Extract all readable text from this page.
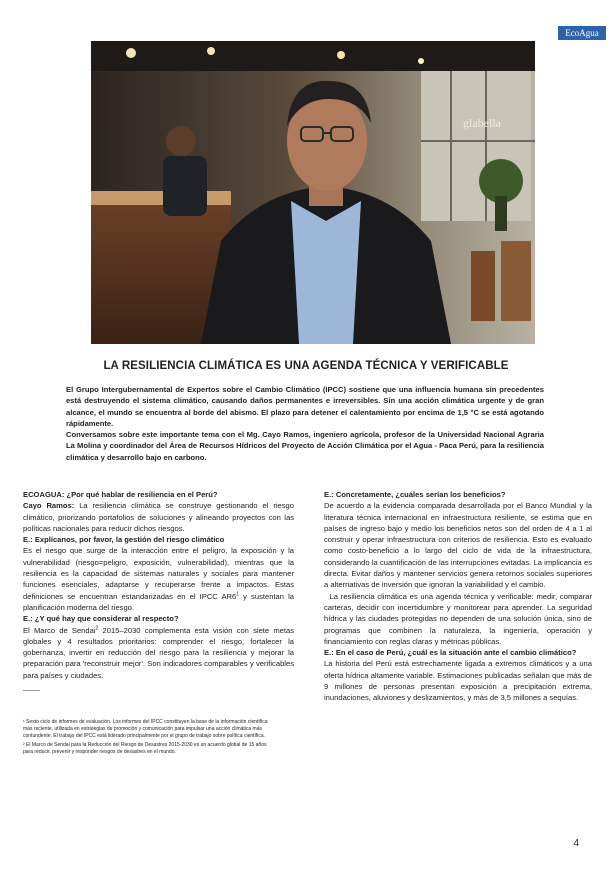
EcoAgua
glabella
LA RESILIENCIA CLIMÁTICA ES UNA AGENDA TÉCNICA Y VERIFICABLE

El Grupo Intergubernamental de Expertos sobre el Cambio Climático (IPCC) sostiene que una influencia humana sin precedentes está destruyendo el sistema climático, causando daños permanentes e irreversibles. Sin una acción climática urgente y de gran alcance, el mundo se encuentra al borde del abismo. El plazo para detener el calentamiento por encima de 1,5 °C se está agotando rápidamente.

Conversamos sobre este importante tema con el Mg. Cayo Ramos, ingeniero agrícola, profesor de la Universidad Nacional Agraria La Molina y coordinador del Área de Recursos Hídricos del Proyecto de Acción Climática por el Agua - Paca Perú, para la resiliencia climática y desarrollo bajo en carbono.

ECOAGUA: ¿Por qué hablar de resiliencia en el Perú?

Cayo Ramos: La resiliencia climática se construye gestionando el riesgo climático, priorizando portafolios de soluciones y alineando proyectos con las políticas nacionales para reducir dichos riesgos.

E.: Explícanos, por favor, la gestión del riesgo climático

Es el riesgo que surge de la interacción entre el peligro, la exposición y la vulnerabilidad (riesgo=peligro, exposición, vulnerabilidad), mientras que la resiliencia es la capacidad de sistemas naturales y sociales para mantener funciones esenciales, adaptarse y recuperarse frente a impactos. Estas definiciones se encuentran estandarizadas en el IPCC $AR6^1$ y sustentan la planificación moderna del riesgo.

E.: ¿Y qué hay que considerar al respecto?

El Marco de Sendai$^2$ 2015–2030 complementa esta visión con siete metas globales y 4 resultados prioritarios: comprender el riesgo, fortalecer la gobernanza, invertir en reducción del riesgo para la resiliencia y mejorar la preparación para 'reconstruir mejor'. Son indicadores comparables y verificables para países y ciudades.

____

¹ Sexto ciclo de informes de evaluación. Los informes del IPCC constituyen la base de la información científica más reciente, utilizada en estrategias de promoción y comunicación para impulsar una acción climática más contundente. El trabajo del IPCC está liderado principalmente por el grupo de trabajo sobre política científica.

² El Marco de Sendai para la Reducción del Riesgo de Desastres 2015-2030 es un acuerdo global de 15 años para reducir, prevenir y responder riesgos de desastres en el mundo.

E.: Concretamente, ¿cuáles serían los beneficios?

De acuerdo a la evidencia comparada desarrollada por el Banco Mundial y la literatura técnica internacional en infraestructura resiliente, se estima que en países de ingreso bajo y medio los beneficios netos son del orden de 4 a 1 al construir y operar infraestructura con criterios de resiliencia. Esto es evaluado como costo-beneficio a lo largo del ciclo de vida de la infraestructura, considerando la cuantificación de las interrupciones evitadas. La implicancia es directa. Evitar daños y mantener servicios genera retornos sociales superiores a alternativas de inversión que ignoran la variabilidad y el cambio.

La resiliencia climática es una agenda técnica y verificable: medir, comparar carteras, decidir con incertidumbre y monitorear para aprender. La seguridad hídrica y las ciudades protegidas no dependen de una solución única, sino de programas que combinen la naturaleza, la ingeniería, operación y financiamiento con reglas claras y métricas públicas.

E.: En el caso de Perú, ¿cuál es la situación ante el cambio climático?

La historia del Perú está estrechamente ligada a extremos climáticos y a una oferta hídrica altamente variable. Estimaciones publicadas señalan que más de 9 millones de personas presentan exposición a precipitación extrema, inundaciones, aluviones y deslizamientos, y más de 3,5 millones a sequías.

4
